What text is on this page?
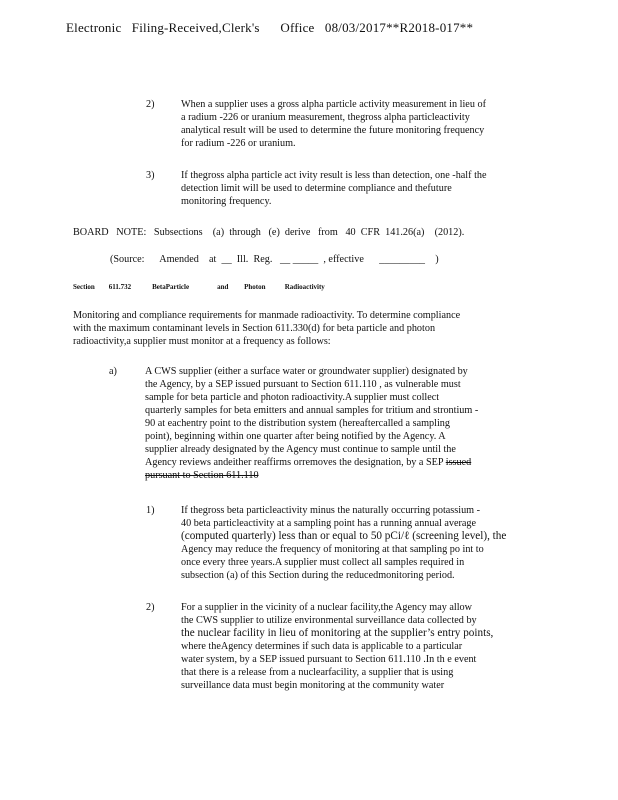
Electronic   Filing-Received,Clerk's      Office   08/03/2017**R2018-017**
2)	When a supplier uses a gross alpha particle activity measurement in lieu of
a radium -226 or uranium measurement, thegross alpha particleactivity
analytical result will be used to determine the future monitoring frequency
for radium -226 or uranium.
3)	If thegross alpha particle act ivity result is less than detection, one -half the
detection limit will be used to determine compliance and thefuture
monitoring frequency.
BOARD   NOTE:   Subsections    (a)  through   (e)  derive   from   40  CFR  141.26(a)    (2012).
(Source:      Amended    at  __  Ill.  Reg.   __ _____  , effective      _________    )
Section        611.732            BetaParticle                and         Photon           Radioactivity
Monitoring and compliance requirements for manmade radioactivity. To determine compliance
with the maximum contaminant levels in Section 611.330(d) for beta particle and photon
radioactivity,a supplier must monitor at a frequency as follows:
a)	A CWS supplier (either a surface water or groundwater supplier) designated by
the Agency, by a SEP issued pursuant to Section 611.110 , as vulnerable must
sample for beta particle and photon radioactivity.A supplier must collect
quarterly samples for beta emitters and annual samples for tritium and strontium -
90 at eachentry point to the distribution system (hereaftercalled a sampling
point), beginning within one quarter after being notified by the Agency. A
supplier already designated by the Agency must continue to sample until the
Agency reviews andeither reaffirms orremoves the designation, by a SEP issued
pursuant to Section 611.110
1)	If thegross beta particleactivity minus the naturally occurring potassium -
40 beta particleactivity at a sampling point has a running annual average
(computed quarterly) less than or equal to 50 pCi/ℓ (screening level), the
Agency may reduce the frequency of monitoring at that sampling po int to
once every three years.A supplier must collect all samples required in
subsection (a) of this Section during the reducedmonitoring period.
2)	For a supplier in the vicinity of a nuclear facility,the Agency may allow
the CWS supplier to utilize environmental surveillance data collected by
the nuclear facility in lieu of monitoring at the supplier’s entry points,
where theAgency determines if such data is applicable to a particular
water system, by a SEP issued pursuant to Section 611.110 .In th e event
that there is a release from a nuclearfacility, a supplier that is using
surveillance data must begin monitoring at the community water
